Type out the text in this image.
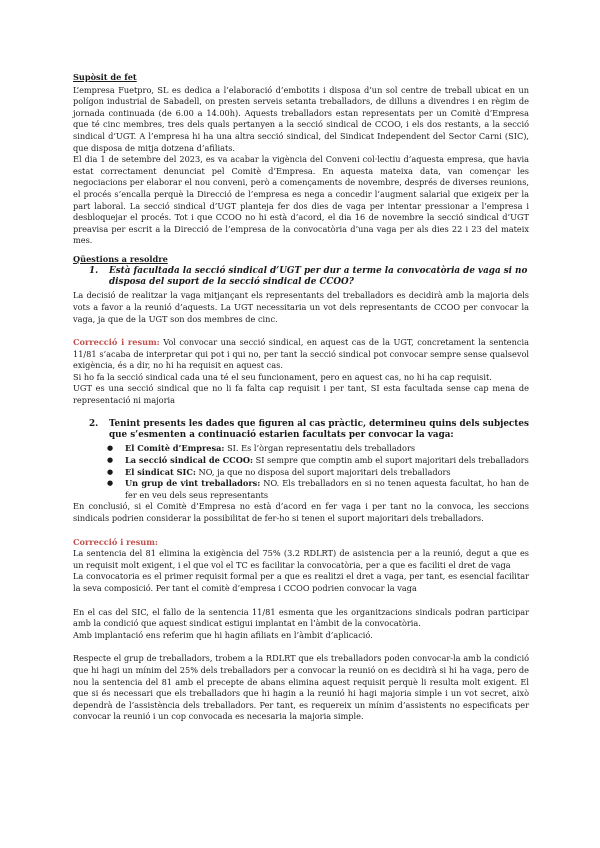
Supòsit de fet

L’empresa Fuetpro, SL es dedica a l’elaboració d’embotits i disposa d’un sol centre de treball ubicat en un polígon industrial de Sabadell, on presten serveis setanta treballadors, de dilluns a divendres i en règim de jornada continuada (de 6.00 a 14.00h). Aquests treballadors estan representats per un Comitè d’Empresa que té cinc membres, tres dels quals pertanyen a la secció sindical de CCOO, i els dos restants, a la secció sindical d’UGT. A l’empresa hi ha una altra secció sindical, del Sindicat Independent del Sector Carni (SIC), que disposa de mitja dotzena d’afiliats.

El dia 1 de setembre del 2023, es va acabar la vigència del Conveni col·lectiu d’aquesta empresa, que havia estat correctament denunciat pel Comitè d’Empresa. En aquesta mateixa data, van començar les negociacions per elaborar el nou conveni, però a començaments de novembre, després de diverses reunions, el procés s’encalla perquè la Direcció de l’empresa es nega a concedir l’augment salarial que exigeix per la part laboral. La secció sindical d’UGT planteja fer dos dies de vaga per intentar pressionar a l’empresa i desbloquejar el procés. Tot i que CCOO no hi està d’acord, el dia 16 de novembre la secció sindical d’UGT preavisa per escrit a la Direcció de l’empresa de la convocatòria d’una vaga per als dies 22 i 23 del mateix mes.

Qüestions a resoldre

1.	Està facultada la secció sindical d’UGT per dur a terme la convocatòria de vaga si no disposa del suport de la secció sindical de CCOO?

La decisió de realitzar la vaga mitjançant els representants del treballadors es decidirà amb la majoria dels vots a favor a la reunió d’aquests. La UGT necessitaria un vot dels representants de CCOO per convocar la vaga, ja que de la UGT son dos membres de cinc.

Correcció i resum: Vol convocar una secció sindical, en aquest cas de la UGT, concretament la sentencia 11/81 s’acaba de interpretar qui pot i qui no, per tant la secció sindical pot convocar sempre sense qualsevol exigència, és a dir, no hi ha requisit en aquest cas.

Si ho fa la secció sindical cada una té el seu funcionament, pero en aquest cas, no hi ha cap requisit.

UGT es una secció sindical que no li fa falta cap requisit i per tant, SI esta facultada sense cap mena de representació ni majoria

2.	Tenint presents les dades que figuren al cas pràctic, determineu quins dels subjectes que s’esmenten a continuació estarien facultats per convocar la vaga:
● El Comitè d’Empresa: SI. Es l’òrgan representatiu dels treballadors
● La secció sindical de CCOO: SI sempre que comptin amb el suport majoritari dels treballadors
● El sindicat SIC: NO, ja que no disposa del suport majoritari dels treballadors
● Un grup de vint treballadors: NO. Els treballadors en si no tenen aquesta facultat, ho han de fer en veu dels seus representants

En conclusió, si el Comitè d’Empresa no està d’acord en fer vaga i per tant no la convoca, les seccions sindicals podrien considerar la possibilitat de fer-ho si tenen el suport majoritari dels treballadors.

Correcció i resum:

La sentencia del 81 elimina la exigència del 75% (3.2 RDLRT) de asistencia per a la reunió, degut a que es un requisit molt exigent, i el que vol el TC es facilitar la convocatòria, per a que es faciliti el dret de vaga

La convocatoria es el primer requisit formal per a que es realitzi el dret a vaga, per tant, es esencial facilitar la seva composició. Per tant el comitè d’empresa i CCOO podrien convocar la vaga

En el cas del SIC, el fallo de la sentencia 11/81 esmenta que les organitzacions sindicals podran participar amb la condició que aquest sindicat estigui implantat en l’àmbit de la convocatòria.

Amb implantació ens referim que hi hagin afiliats en l’àmbit d’aplicació.

Respecte el grup de treballadors, trobem a la RDLRT que els treballadors poden convocar-la amb la condició que hi hagi un mínim del 25% dels treballadors per a convocar la reunió on es decidirà si hi ha vaga, pero de nou la sentencia del 81 amb el precepte de abans elimina aquest requisit perquè li resulta molt exigent. El que si és necessari que els treballadors que hi hagin a la reunió hi hagi majoria simple i un vot secret, això dependrà de l’assistència dels treballadors. Per tant, es requereix un mínim d’assistents no especificats per convocar la reunió i un cop convocada es necesaria la majoria simple.
